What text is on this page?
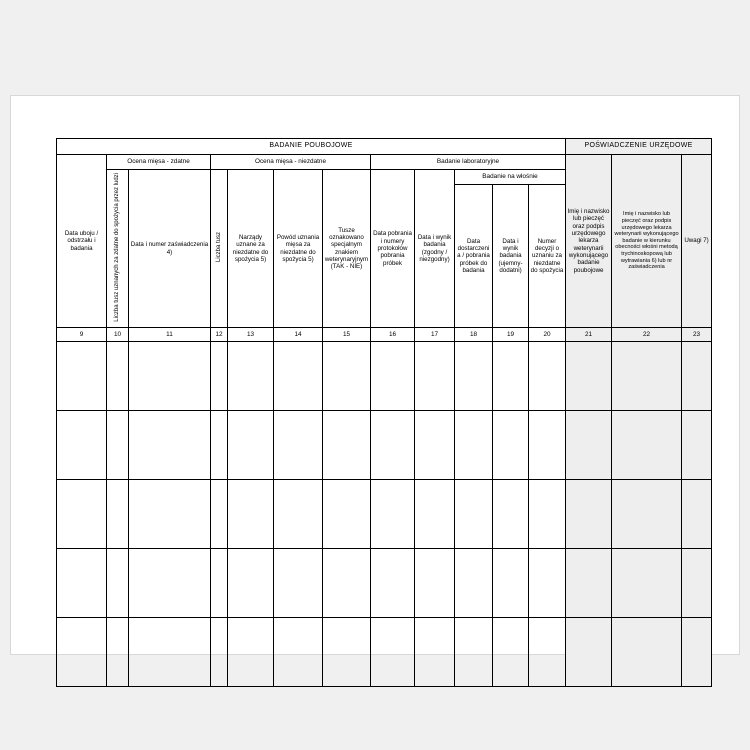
BADANIE POUBOJOWE												POŚWIADCZENIE URZĘDOWE		
Data uboju / odstrzału i badania	Ocena mięsa - zdatne		Ocena mięsa - niezdatne				Badanie laboratoryjne					Imię i nazwisko lub pieczęć oraz podpis urzędowego lekarza weterynarii wykonującego badanie poubojowe	Imię i nazwisko lub pieczęć oraz podpis urzędowego lekarza weterynarii wykonującego badanie w kierunku obecności włośni metodą trychinoskopową lub wytrawiania 6) lub nr zaświadczenia	Uwagi 7)
	Liczba tusz uznanych za zdatne do spożycia przez ludzi	Data i numer zaświadczenia 4)	Liczba tusz	Narządy uznane za niezdatne do spożycia 5)	Powód uznania mięsa za niezdatne do spożycia 5)	Tusze oznakowano specjalnym znakiem weterynaryjnym (TAK - NIE)	Data pobrania i numery protokołów pobrania próbek	Data i wynik badania (zgodny / niezgodny)	Badanie na włośnie					
									Data dostarczenia / pobrania próbek do badania	Data i wynik badania (ujemny- dodatni)	Numer decyzji o uznaniu za niezdatne do spożycia			
9	10	11	12	13	14	15	16	17	18	19	20	21	22	23
